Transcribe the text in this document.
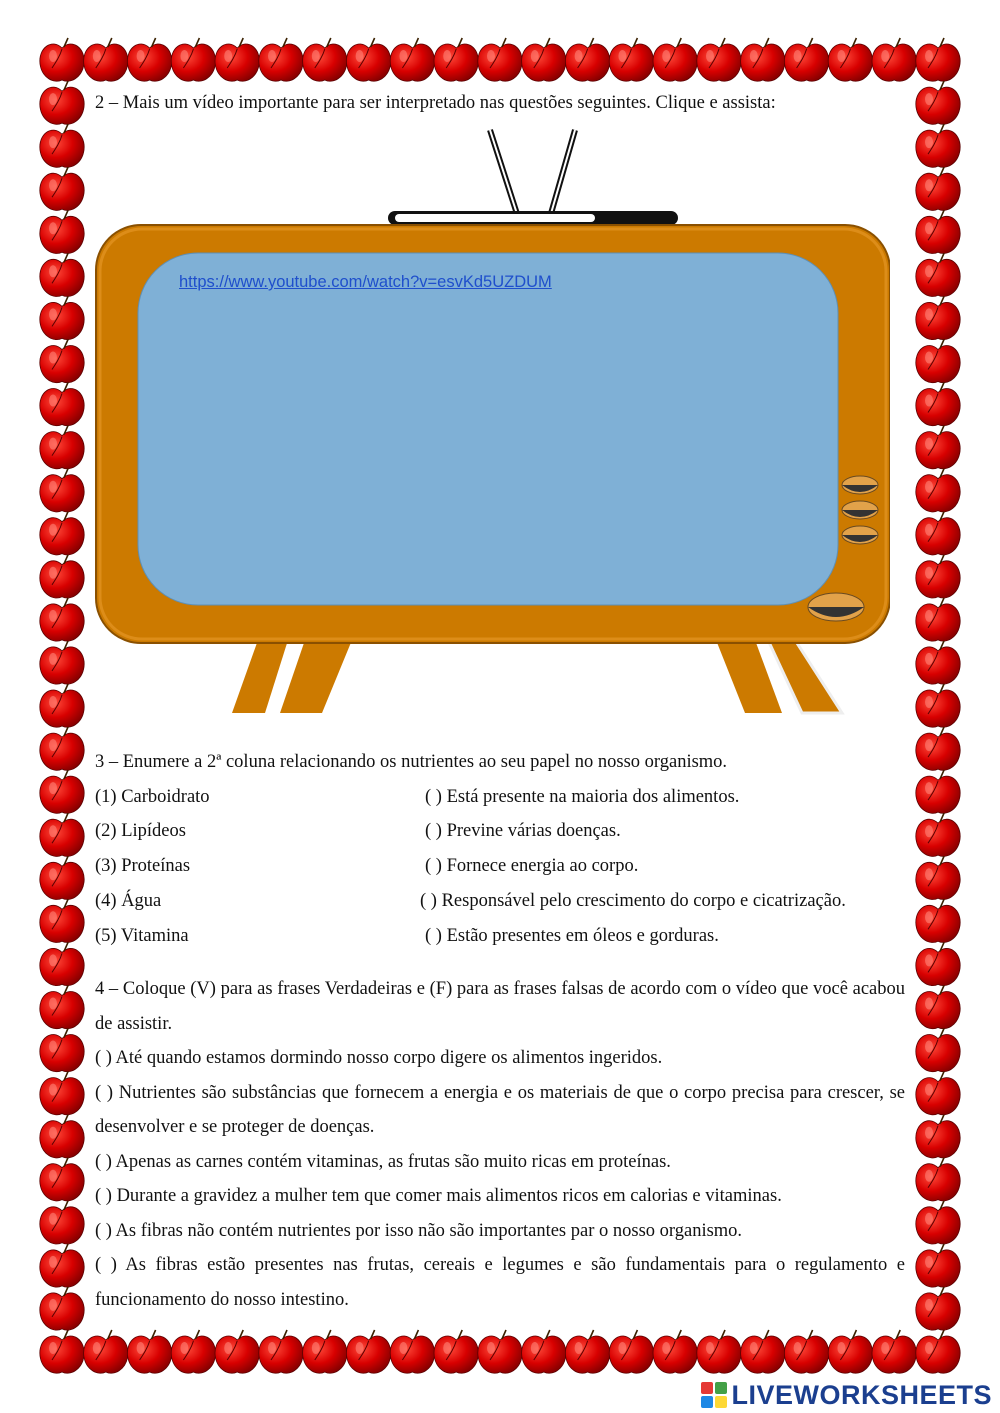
2 – Mais um vídeo importante para ser interpretado nas questões seguintes. Clique e assista:
https://www.youtube.com/watch?v=esvKd5UZDUM
3 – Enumere a 2ª coluna relacionando os nutrientes ao seu papel no nosso organismo.
(1) Carboidrato	( ) Está presente na maioria dos alimentos.
(2) Lipídeos	( ) Previne várias doenças.
(3) Proteínas	( ) Fornece energia ao corpo.
(4) Água	( ) Responsável pelo crescimento do corpo e cicatrização.
(5) Vitamina	( ) Estão presentes em óleos e gorduras.

4 – Coloque (V) para as frases Verdadeiras e (F) para as frases falsas de acordo com o vídeo que você acabou de assistir.

( ) Até quando estamos dormindo nosso corpo digere os alimentos ingeridos.

( ) Nutrientes são substâncias que fornecem a energia e os materiais de que o corpo precisa para crescer, se desenvolver e se proteger de doenças.

( ) Apenas as carnes contém vitaminas, as frutas são muito ricas em proteínas.

( ) Durante a gravidez a mulher tem que comer mais alimentos ricos em calorias e vitaminas.

( ) As fibras não contém nutrientes por isso não são importantes par o nosso organismo.

( ) As fibras estão presentes nas frutas, cereais e legumes e são fundamentais para o regulamento e funcionamento do nosso intestino.

LIVEWORKSHEETS
